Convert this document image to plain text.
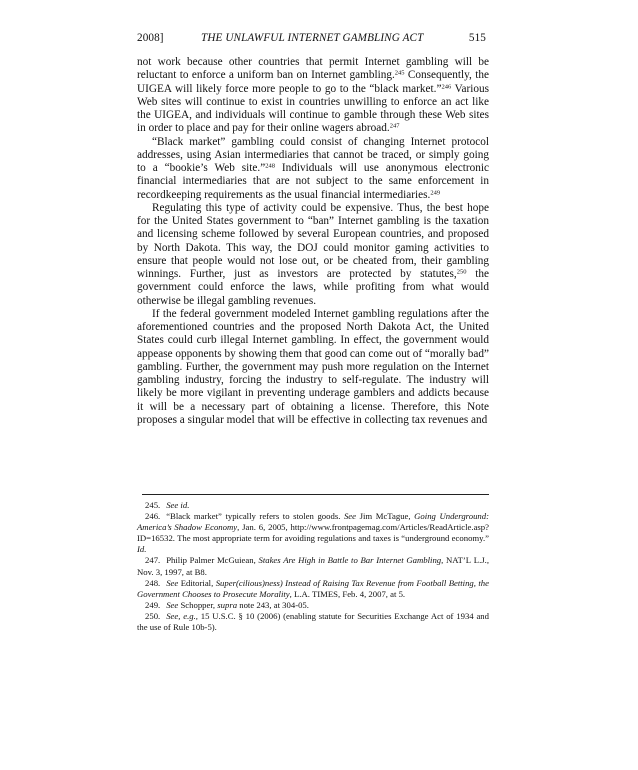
2008]	THE UNLAWFUL INTERNET GAMBLING ACT	515

not work because other countries that permit Internet gambling will be reluctant to enforce a uniform ban on Internet gambling.$^{245}$ Consequently, the UIGEA will likely force more people to go to the “black market.”$^{246}$ Various Web sites will continue to exist in countries unwilling to enforce an act like the UIGEA, and individuals will continue to gamble through these Web sites in order to place and pay for their online wagers abroad.$^{247}$

“Black market” gambling could consist of changing Internet protocol addresses, using Asian intermediaries that cannot be traced, or simply going to a “bookie’s Web site.”$^{248}$ Individuals will use anonymous electronic financial intermediaries that are not subject to the same enforcement in recordkeeping requirements as the usual financial intermediaries.$^{249}$

Regulating this type of activity could be expensive. Thus, the best hope for the United States government to “ban” Internet gambling is the taxation and licensing scheme followed by several European countries, and proposed by North Dakota. This way, the DOJ could monitor gaming activities to ensure that people would not lose out, or be cheated from, their gambling winnings. Further, just as investors are protected by statutes,$^{250}$ the government could enforce the laws, while profiting from what would otherwise be illegal gambling revenues.

If the federal government modeled Internet gambling regulations after the aforementioned countries and the proposed North Dakota Act, the United States could curb illegal Internet gambling. In effect, the government would appease opponents by showing them that good can come out of “morally bad” gambling. Further, the government may push more regulation on the Internet gambling industry, forcing the industry to self-regulate. The industry will likely be more vigilant in preventing underage gamblers and addicts because it will be a necessary part of obtaining a license. Therefore, this Note proposes a singular model that will be effective in collecting tax revenues and

245. See id.

246. “Black market” typically refers to stolen goods. See Jim McTague, Going Underground: America’s Shadow Economy, Jan. 6, 2005, http://www.frontpagemag.com/Articles/ReadArticle.asp?ID=16532. The most appropriate term for avoiding regulations and taxes is “underground economy.” Id.

247. Philip Palmer McGuiean, Stakes Are High in Battle to Bar Internet Gambling, NAT’L L.J., Nov. 3, 1997, at B8.

248. See Editorial, Super(cilious)ness) Instead of Raising Tax Revenue from Football Betting, the Government Chooses to Prosecute Morality, L.A. TIMES, Feb. 4, 2007, at 5.

249. See Schopper, supra note 243, at 304-05.

250. See, e.g., 15 U.S.C. § 10 (2006) (enabling statute for Securities Exchange Act of 1934 and the use of Rule 10b-5).
